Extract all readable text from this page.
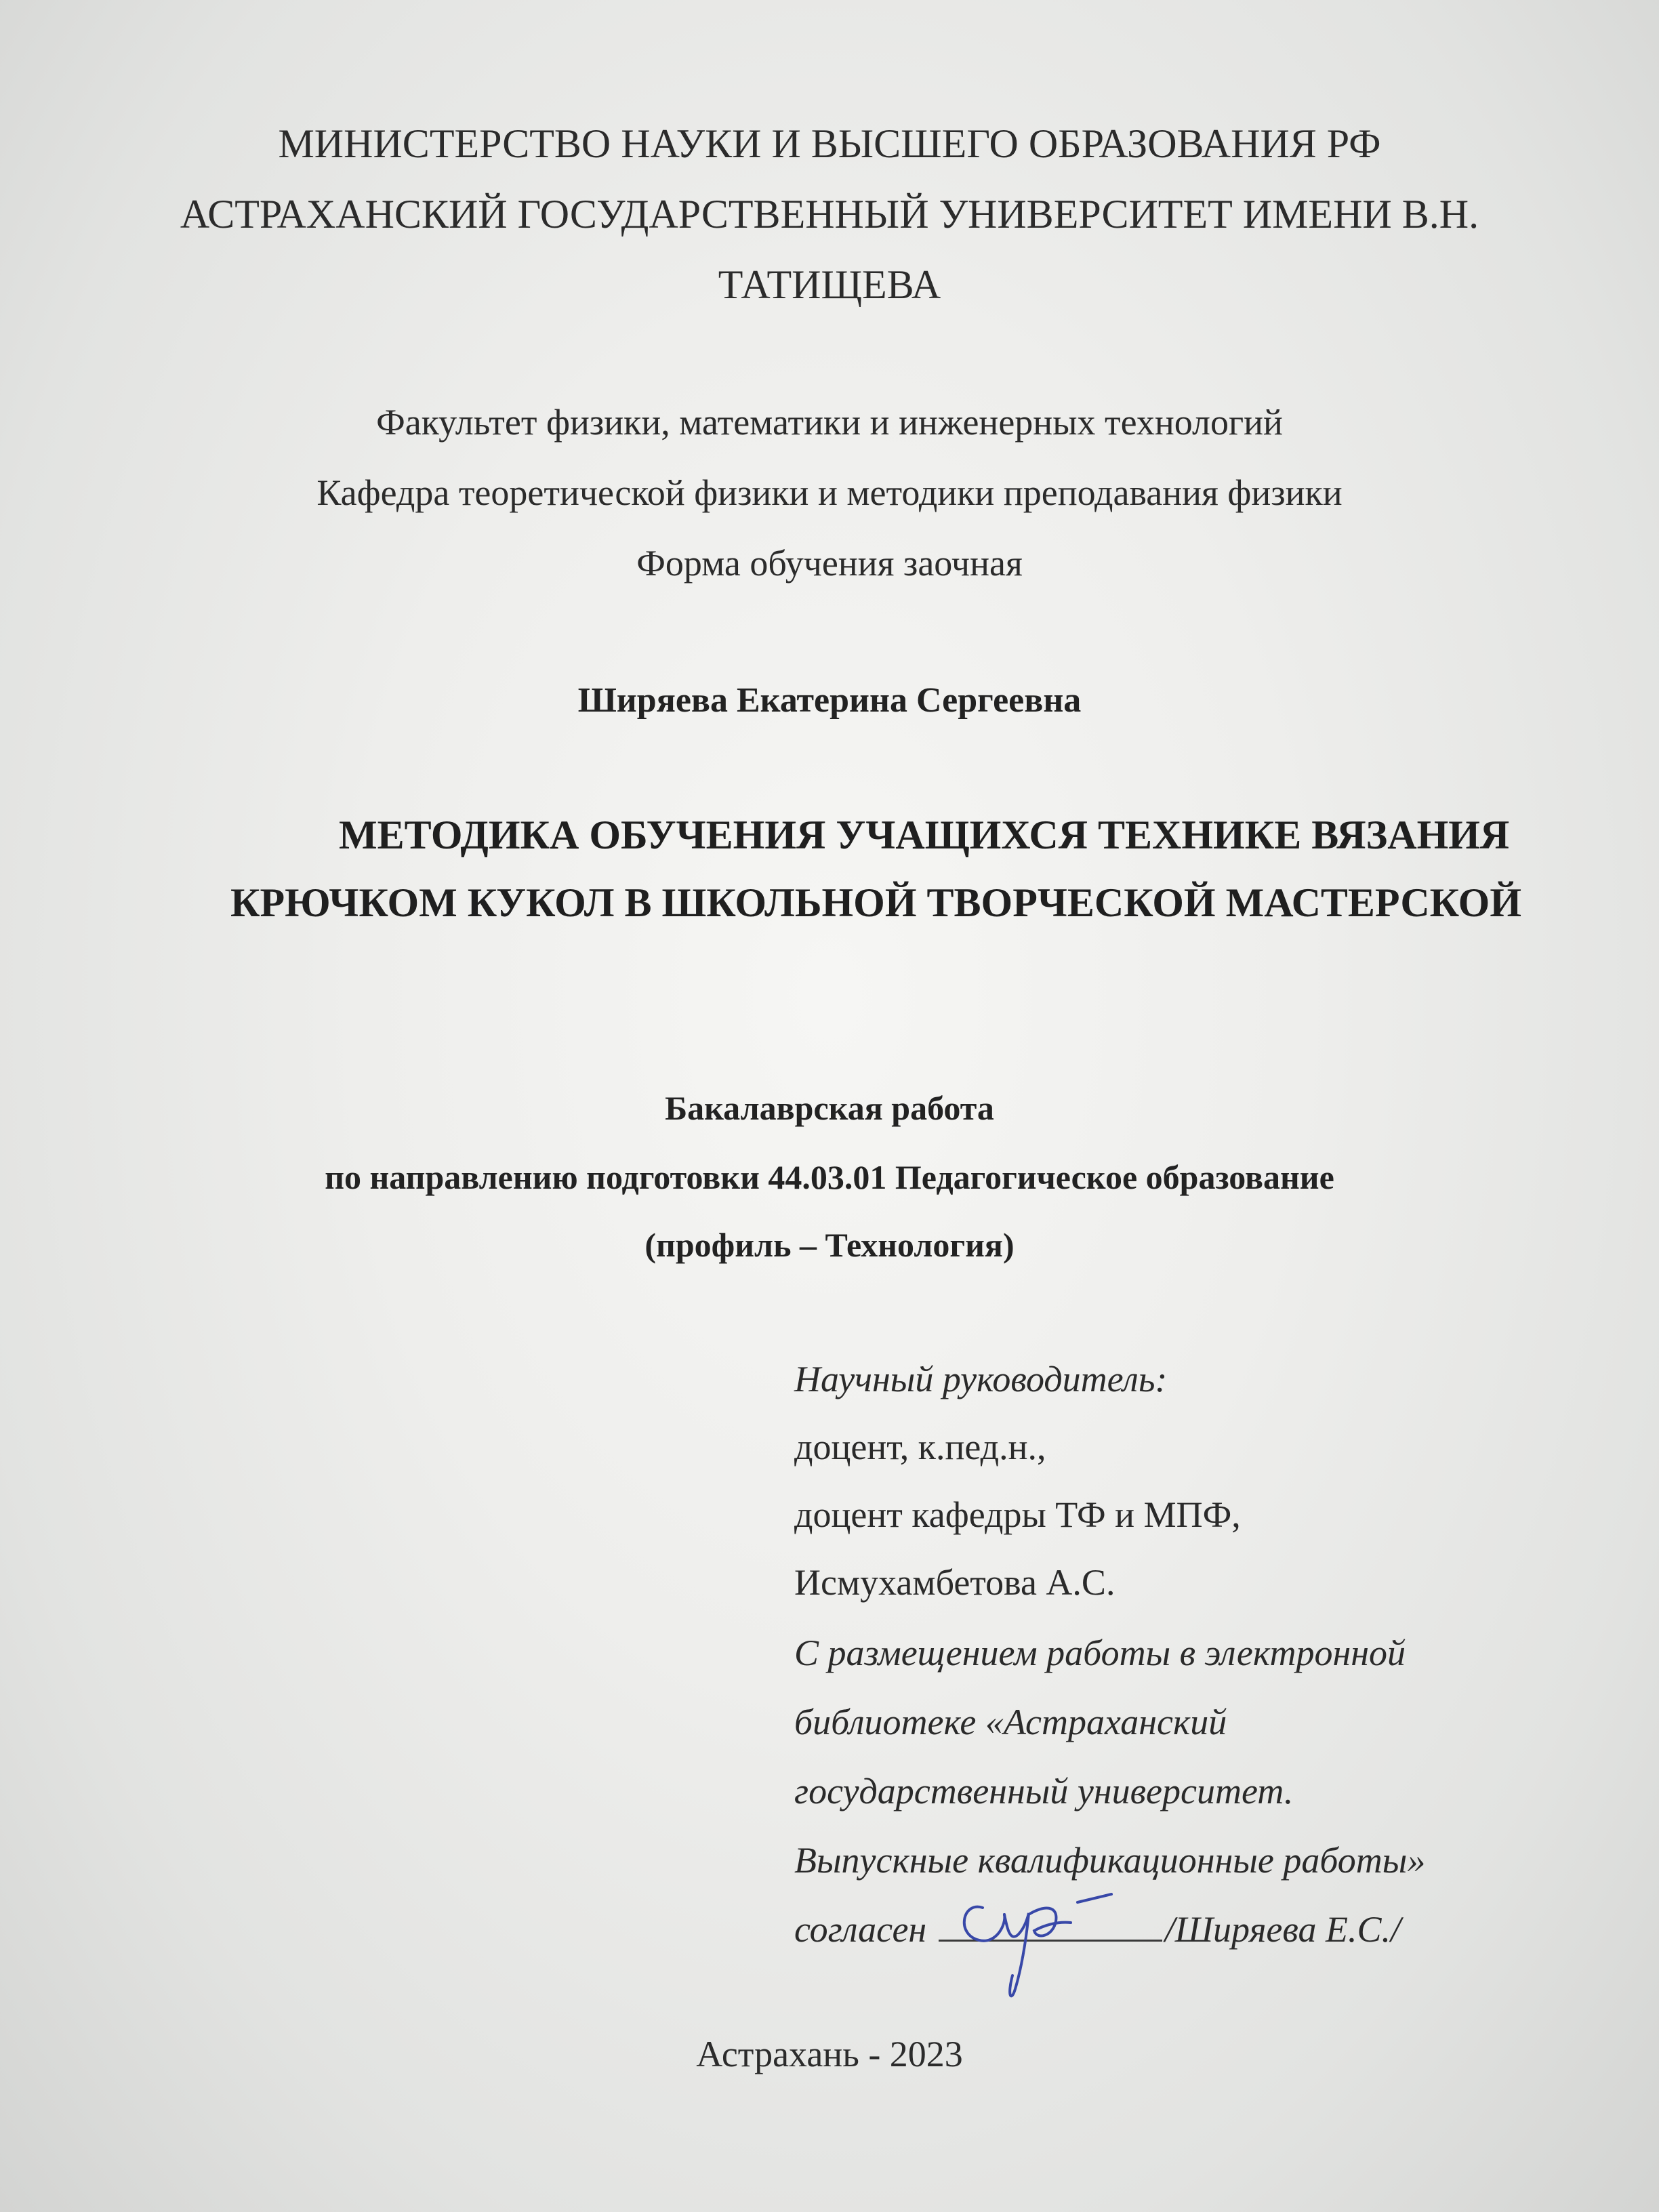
МИНИСТЕРСТВО НАУКИ И ВЫСШЕГО ОБРАЗОВАНИЯ РФ
АСТРАХАНСКИЙ ГОСУДАРСТВЕННЫЙ УНИВЕРСИТЕТ ИМЕНИ В.Н.
ТАТИЩЕВА
Факультет физики, математики и инженерных технологий
Кафедра теоретической физики и методики преподавания физики
Форма обучения заочная
Ширяева Екатерина Сергеевна
МЕТОДИКА ОБУЧЕНИЯ УЧАЩИХСЯ ТЕХНИКЕ ВЯЗАНИЯ
КРЮЧКОМ КУКОЛ В ШКОЛЬНОЙ ТВОРЧЕСКОЙ МАСТЕРСКОЙ
Бакалаврская работа
по направлению подготовки 44.03.01 Педагогическое образование
(профиль – Технология)
Научный руководитель:
доцент, к.пед.н.,
доцент кафедры ТФ и МПФ,
Исмухамбетова А.С.
С размещением работы в электронной
библиотеке «Астраханский
государственный университет.
Выпускные квалификационные работы»
согласен	/Ширяева Е.С./
Астрахань - 2023
